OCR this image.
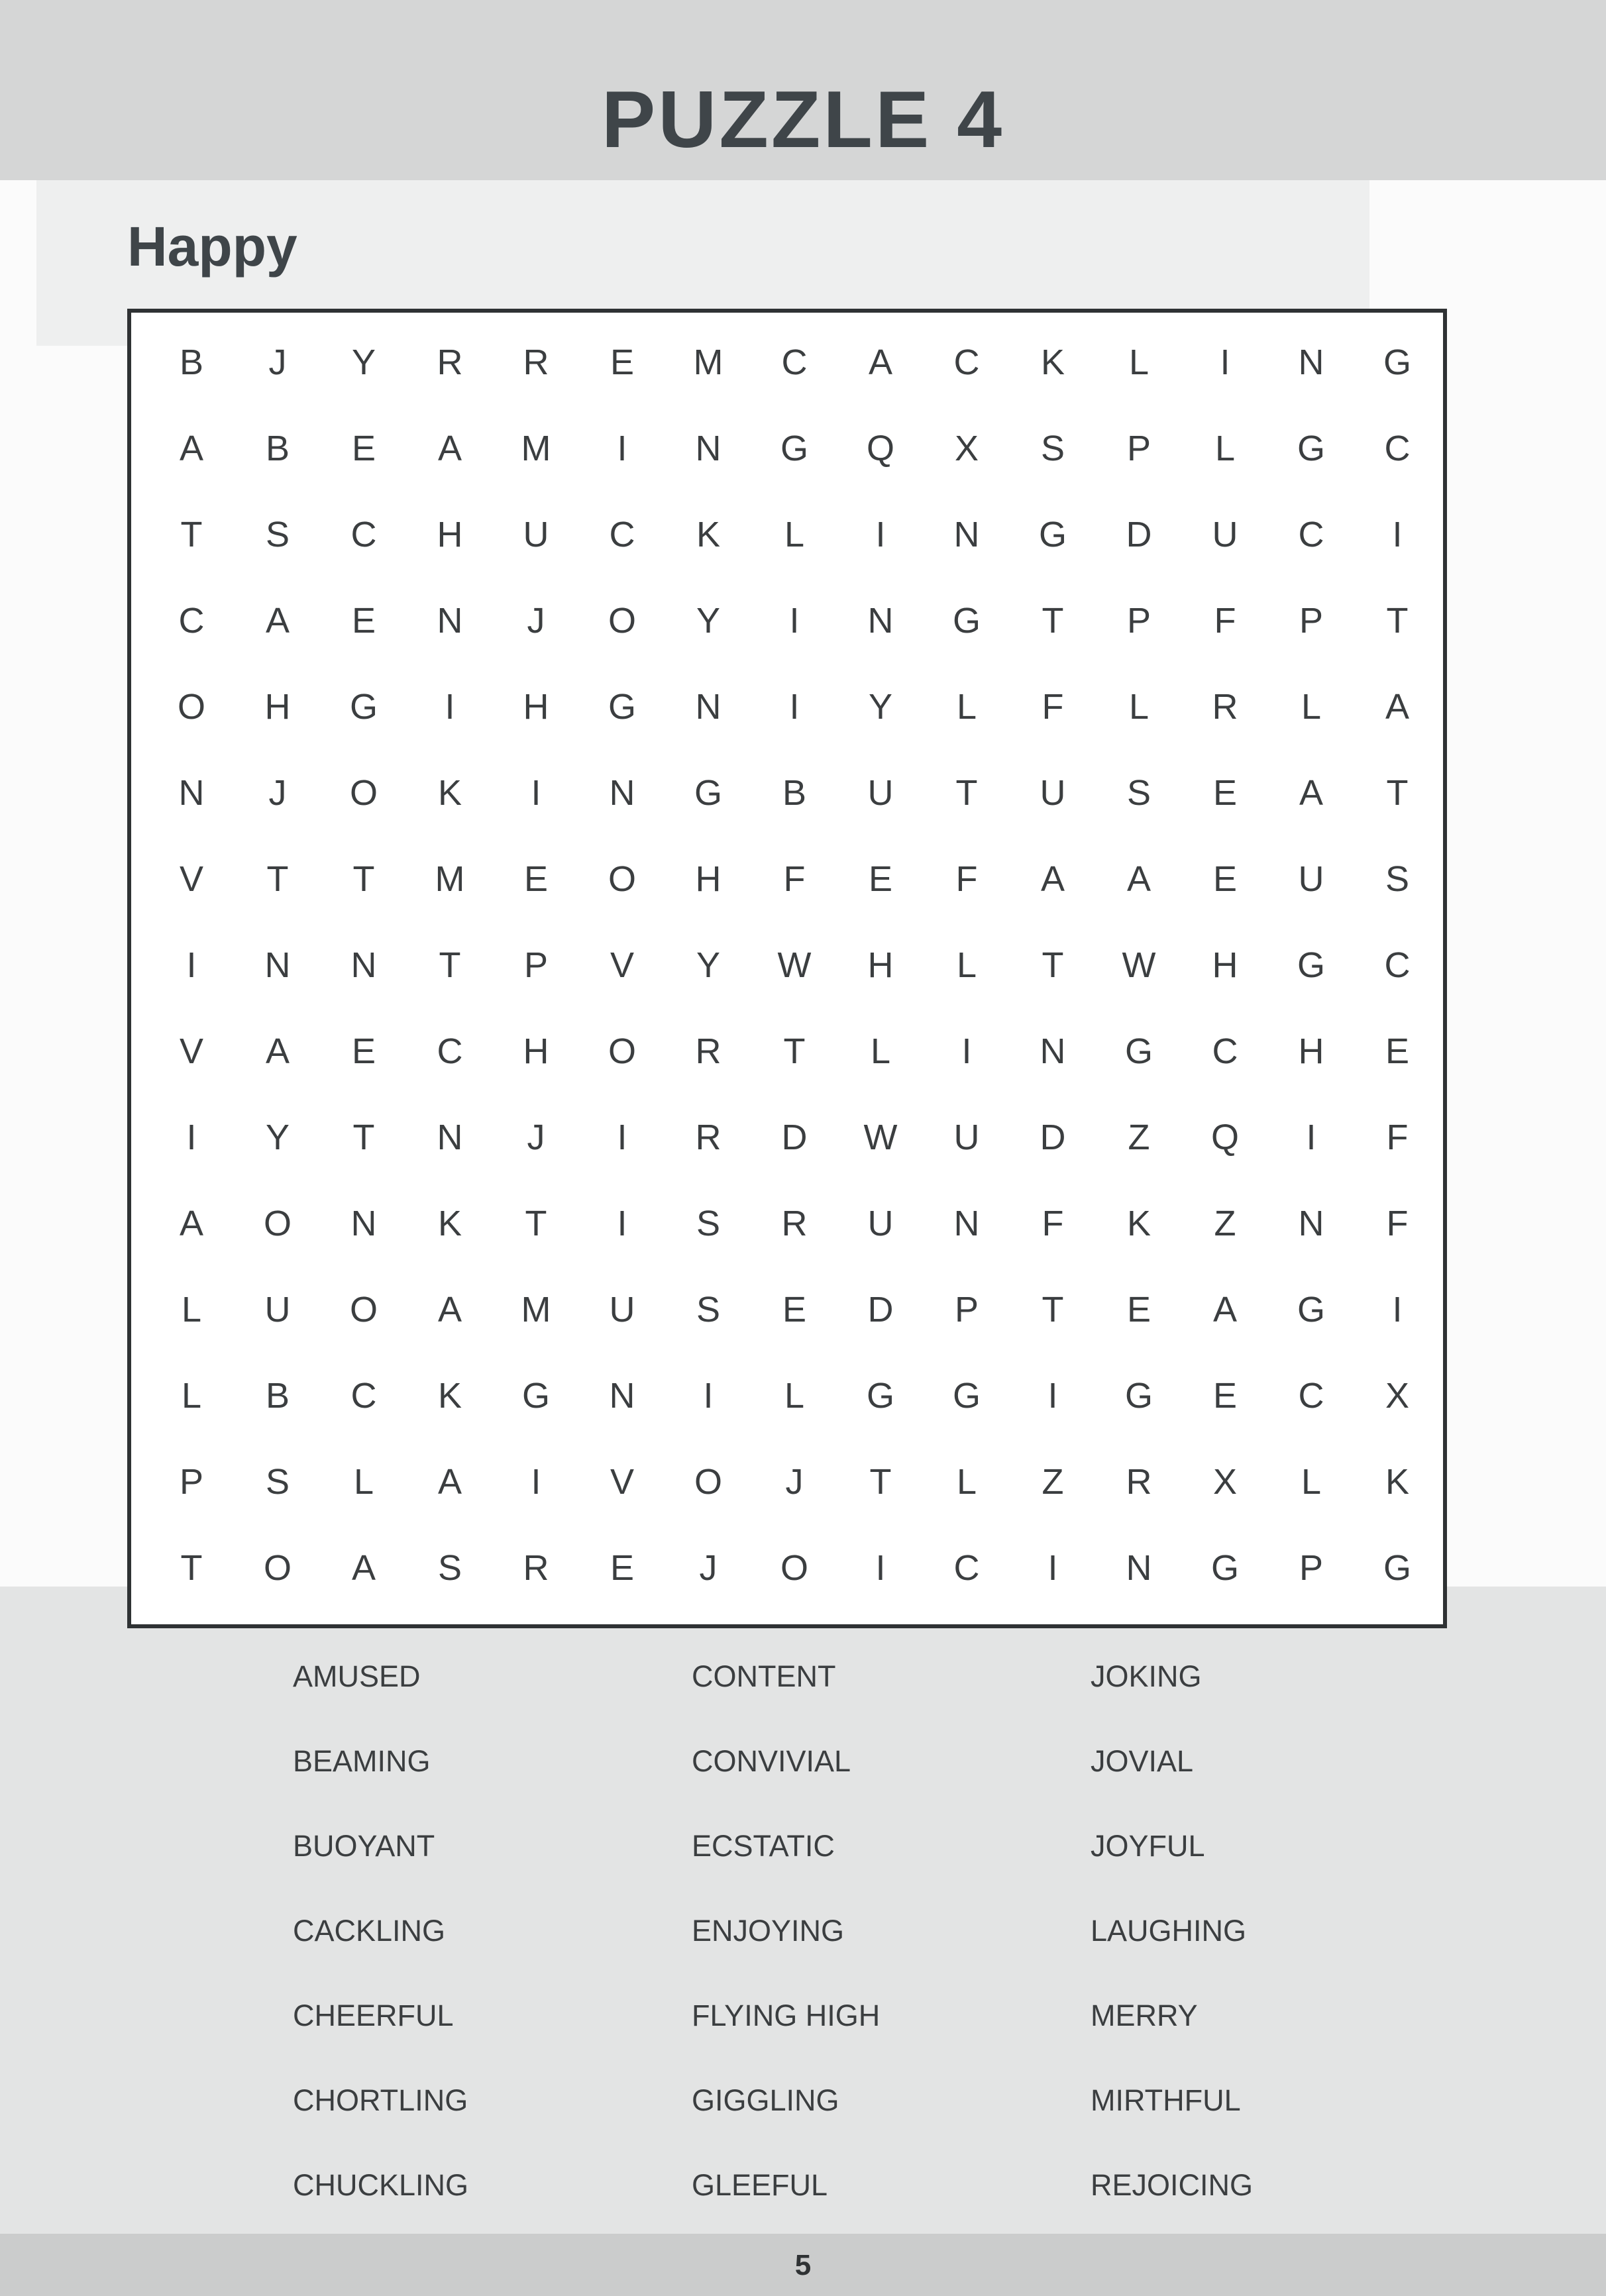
PUZZLE 4
Happy
B	J	Y	R	R	E	M	C	A	C	K	L	I	N	G
A	B	E	A	M	I	N	G	Q	X	S	P	L	G	C
T	S	C	H	U	C	K	L	I	N	G	D	U	C	I
C	A	E	N	J	O	Y	I	N	G	T	P	F	P	T
O	H	G	I	H	G	N	I	Y	L	F	L	R	L	A
N	J	O	K	I	N	G	B	U	T	U	S	E	A	T
V	T	T	M	E	O	H	F	E	F	A	A	E	U	S
I	N	N	T	P	V	Y	W	H	L	T	W	H	G	C
V	A	E	C	H	O	R	T	L	I	N	G	C	H	E
I	Y	T	N	J	I	R	D	W	U	D	Z	Q	I	F
A	O	N	K	T	I	S	R	U	N	F	K	Z	N	F
L	U	O	A	M	U	S	E	D	P	T	E	A	G	I
L	B	C	K	G	N	I	L	G	G	I	G	E	C	X
P	S	L	A	I	V	O	J	T	L	Z	R	X	L	K
T	O	A	S	R	E	J	O	I	C	I	N	G	P	G
AMUSED
BEAMING
BUOYANT
CACKLING
CHEERFUL
CHORTLING
CHUCKLING
CONTENT
CONVIVIAL
ECSTATIC
ENJOYING
FLYING HIGH
GIGGLING
GLEEFUL
JOKING
JOVIAL
JOYFUL
LAUGHING
MERRY
MIRTHFUL
REJOICING
5
